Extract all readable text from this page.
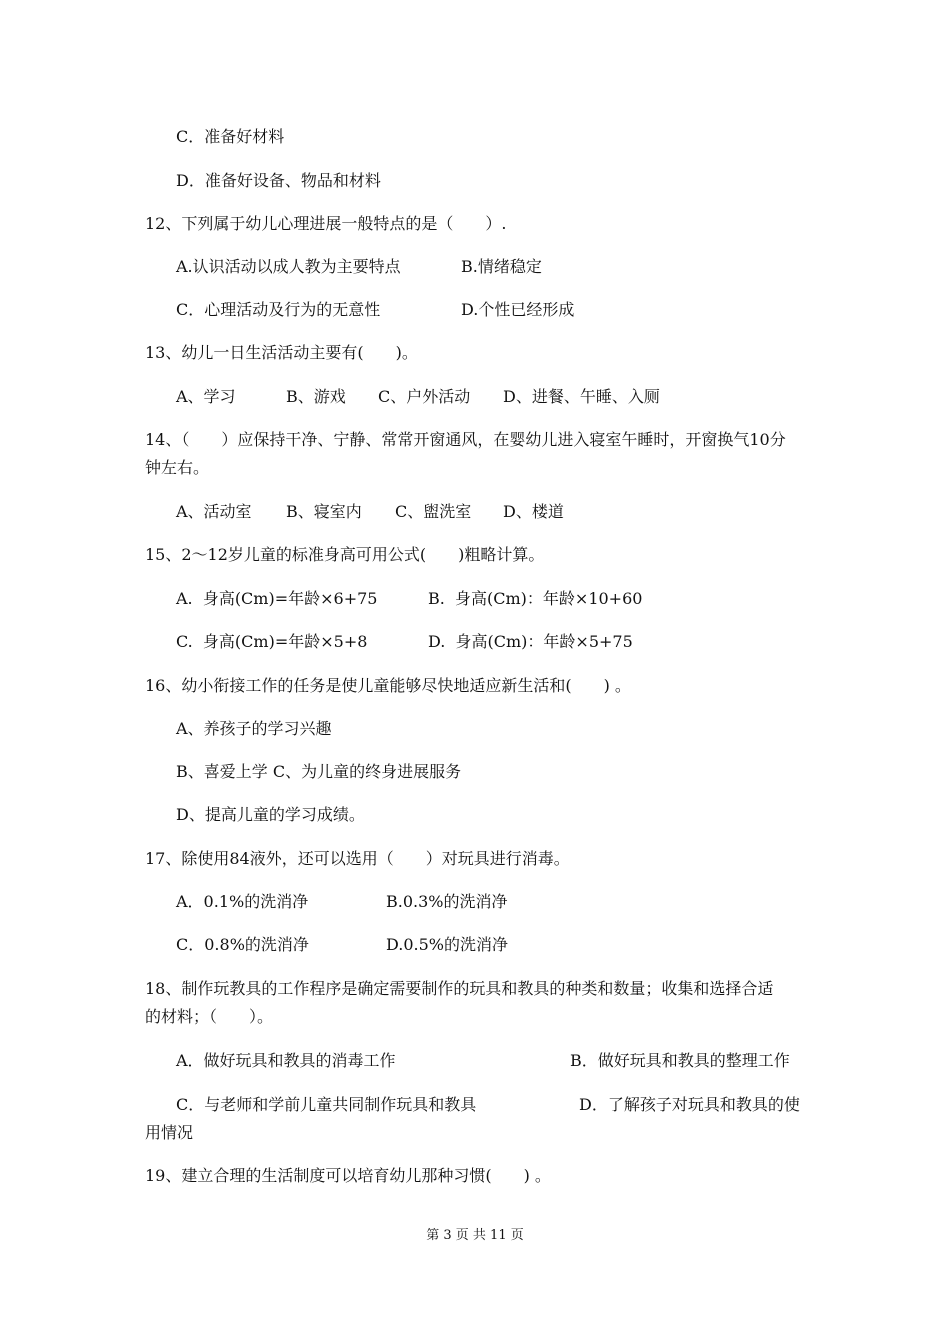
C．准备好材料
D．准备好设备、物品和材料
12、下列属于幼儿心理进展一般特点的是（　　）.
A.认识活动以成人教为主要特点	B.情绪稳定
C．心理活动及行为的无意性	D.个性已经形成
13、幼儿一日生活活动主要有(　　)。
A、学习	B、游戏 C、户外活动 D、进餐、午睡、入厕
14、（　　）应保持干净、宁静、常常开窗通风，在婴幼儿进入寝室午睡时，开窗换气10分
钟左右。
A、活动室 B、寝室内 C、盥洗室 D、楼道
15、2～12岁儿童的标准身高可用公式(　　)粗略计算。
A.  身高(Cm)=年龄×6+75	B.  身高(Cm)：年龄×10+60
C.  身高(Cm)=年龄×5+8	D.  身高(Cm)：年龄×5+75
16、幼小衔接工作的任务是使儿童能够尽快地适应新生活和(　　) 。
A、养孩子的学习兴趣
B、喜爱上学 C、为儿童的终身进展服务
D、提高儿童的学习成绩。
17、除使用84液外，还可以选用（　　）对玩具进行消毒。
A．0.1%的洗消净	B.0.3%的洗消净
C．0.8%的洗消净	D.0.5%的洗消净
18、制作玩教具的工作程序是确定需要制作的玩具和教具的种类和数量；收集和选择合适
的材料；（　　）。
A．做好玩具和教具的消毒工作	B．做好玩具和教具的整理工作
C．与老师和学前儿童共同制作玩具和教具	D．了解孩子对玩具和教具的使
用情况
19、建立合理的生活制度可以培育幼儿那种习惯(　　) 。
第 3 页 共 11 页
